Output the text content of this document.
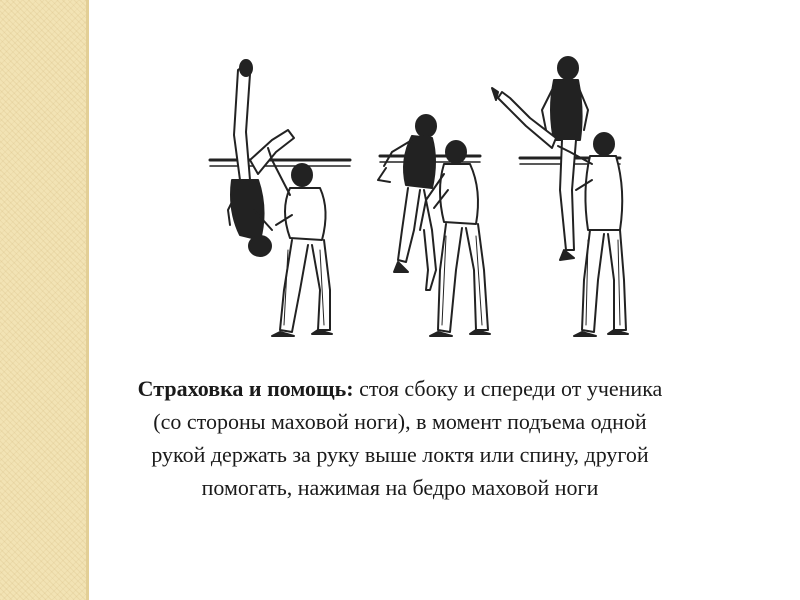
Страховка и помощь: стоя сбоку и спереди от ученика
(со стороны маховой ноги), в момент подъема одной
рукой держать за руку выше локтя или спину, другой
помогать, нажимая на бедро маховой ноги
